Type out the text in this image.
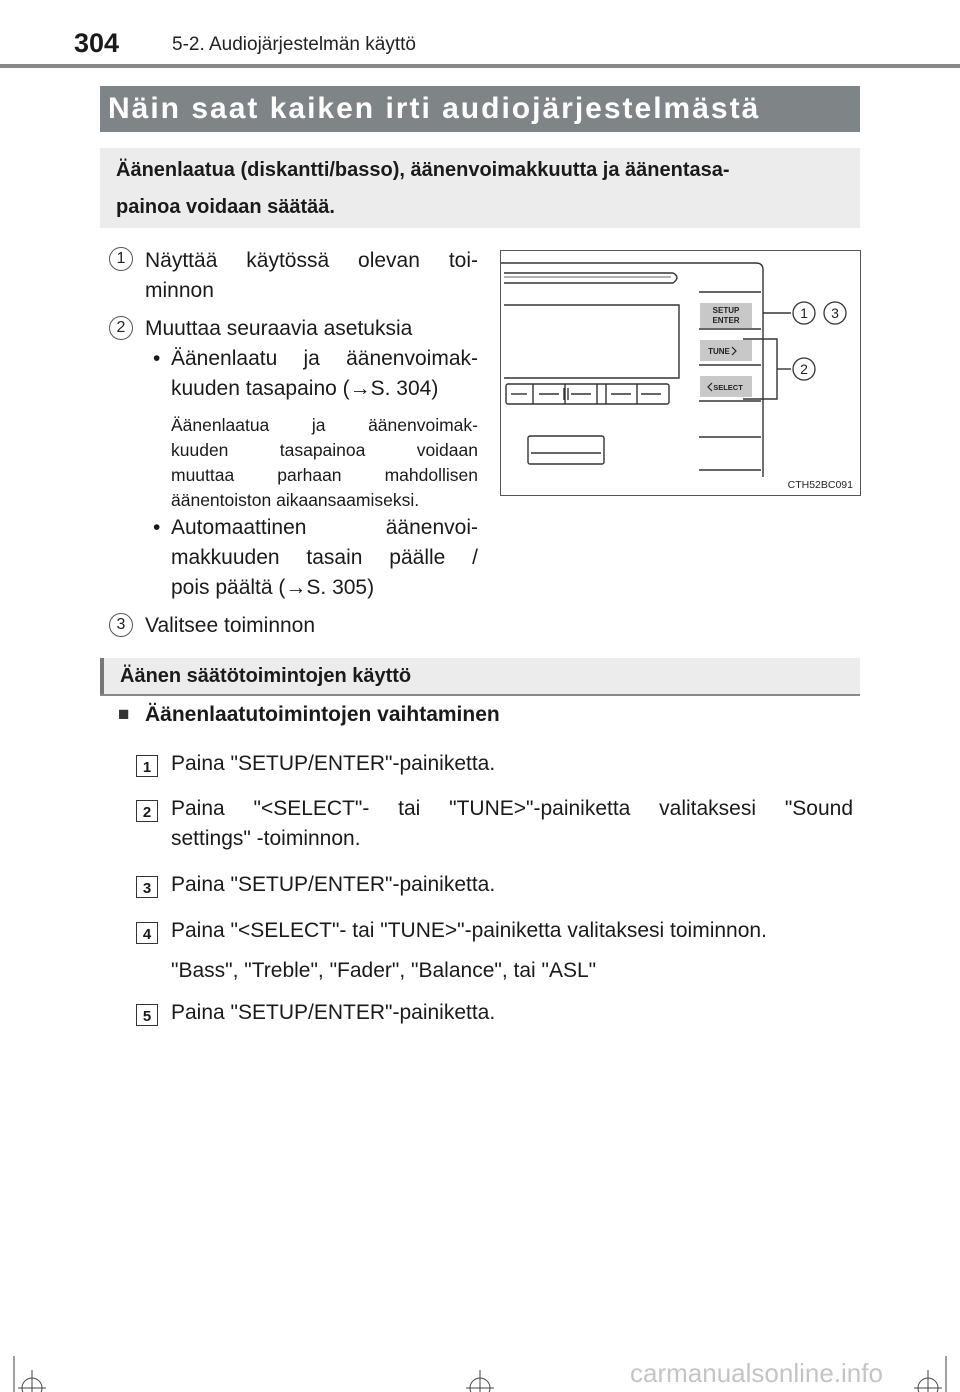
304	5-2. Audiojärjestelmän käyttö
Näin saat kaiken irti audiojärjestelmästä
Äänenlaatua (diskantti/basso), äänenvoimakkuutta ja äänentasa-
painoa voidaan säätää.
1 Näyttää käytössä olevan toi-
minnon
2 Muuttaa seuraavia asetuksia
• Äänenlaatu ja äänenvoimak-
kuuden tasapaino (→S. 304)
Äänenlaatua ja äänenvoimak-
kuuden tasapainoa voidaan
muuttaa parhaan mahdollisen
äänentoiston aikaansaamiseksi.
• Automaattinen äänenvoi-
makkuuden tasain päälle /
pois päältä (→S. 305)
3 Valitsee toiminnon
SETUP
ENTER
TUNE
SELECT
1 3
2
CTH52BC091
Äänen säätötoimintojen käyttö
■ Äänenlaatutoimintojen vaihtaminen
1 Paina "SETUP/ENTER"-painiketta.
2 Paina "<SELECT"- tai "TUNE>"-painiketta valitaksesi "Sound
settings" -toiminnon.
3 Paina "SETUP/ENTER"-painiketta.
4 Paina "<SELECT"- tai "TUNE>"-painiketta valitaksesi toiminnon.
"Bass", "Treble", "Fader", "Balance", tai "ASL"
5 Paina "SETUP/ENTER"-painiketta.
carmanualsonline.info
